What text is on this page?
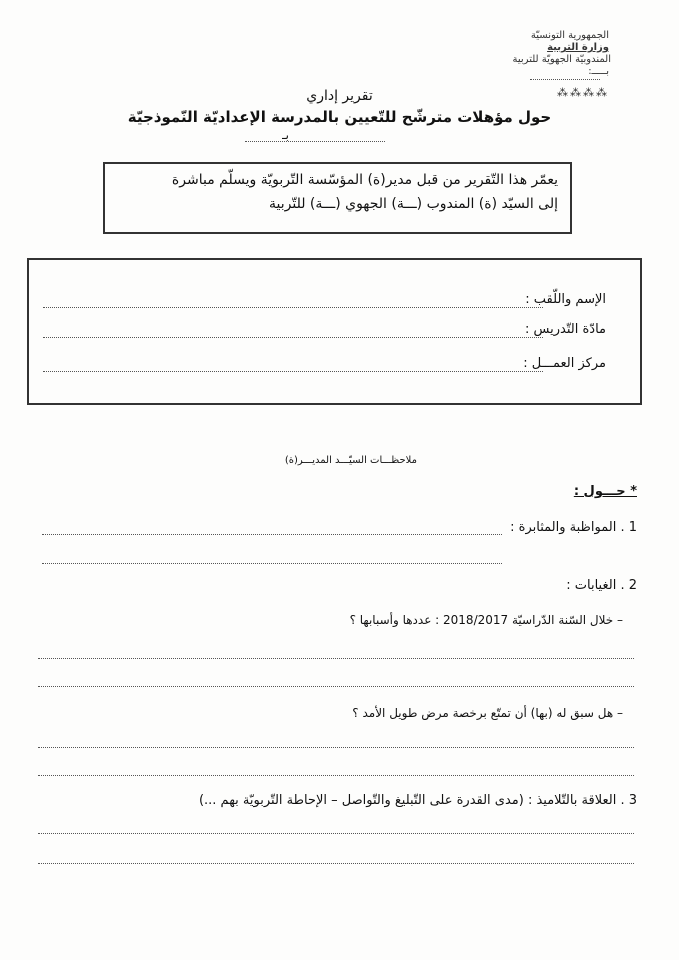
الجمهورية التونسيّة
وزارة التربية
المندوبيّة الجهويّة للتربية
بـــــ:
⁂⁂⁂⁂
تقرير إداري
حول مؤهلات مترشّح للتّعيين بالمدرسة الإعداديّة النّموذجيّة
بـ
يعمّر هذا التّقرير من قبل مدير(ة) المؤسّسة التّربويّة ويسلّم مباشرة
إلى السيّد (ة) المندوب (ـــة) الجهوي (ـــة) للتّربية
الإسم واللّقب :
مادّة التّدريس :
مركز العمـــل :
ملاحظـــات السيّـــد المديـــر(ة)
* حـــول :
1 . المواظبة والمثابرة :
2 . الغيابات :
– خلال السّنة الدّراسيّة 2018/2017 : عددها وأسبابها ؟
– هل سبق له (بها) أن تمتّع برخصة مرض طويل الأمد ؟
3 . العلاقة بالتّلاميذ : (مدى القدرة على التّبليغ والتّواصل – الإحاطة التّربويّة بهم ...)
